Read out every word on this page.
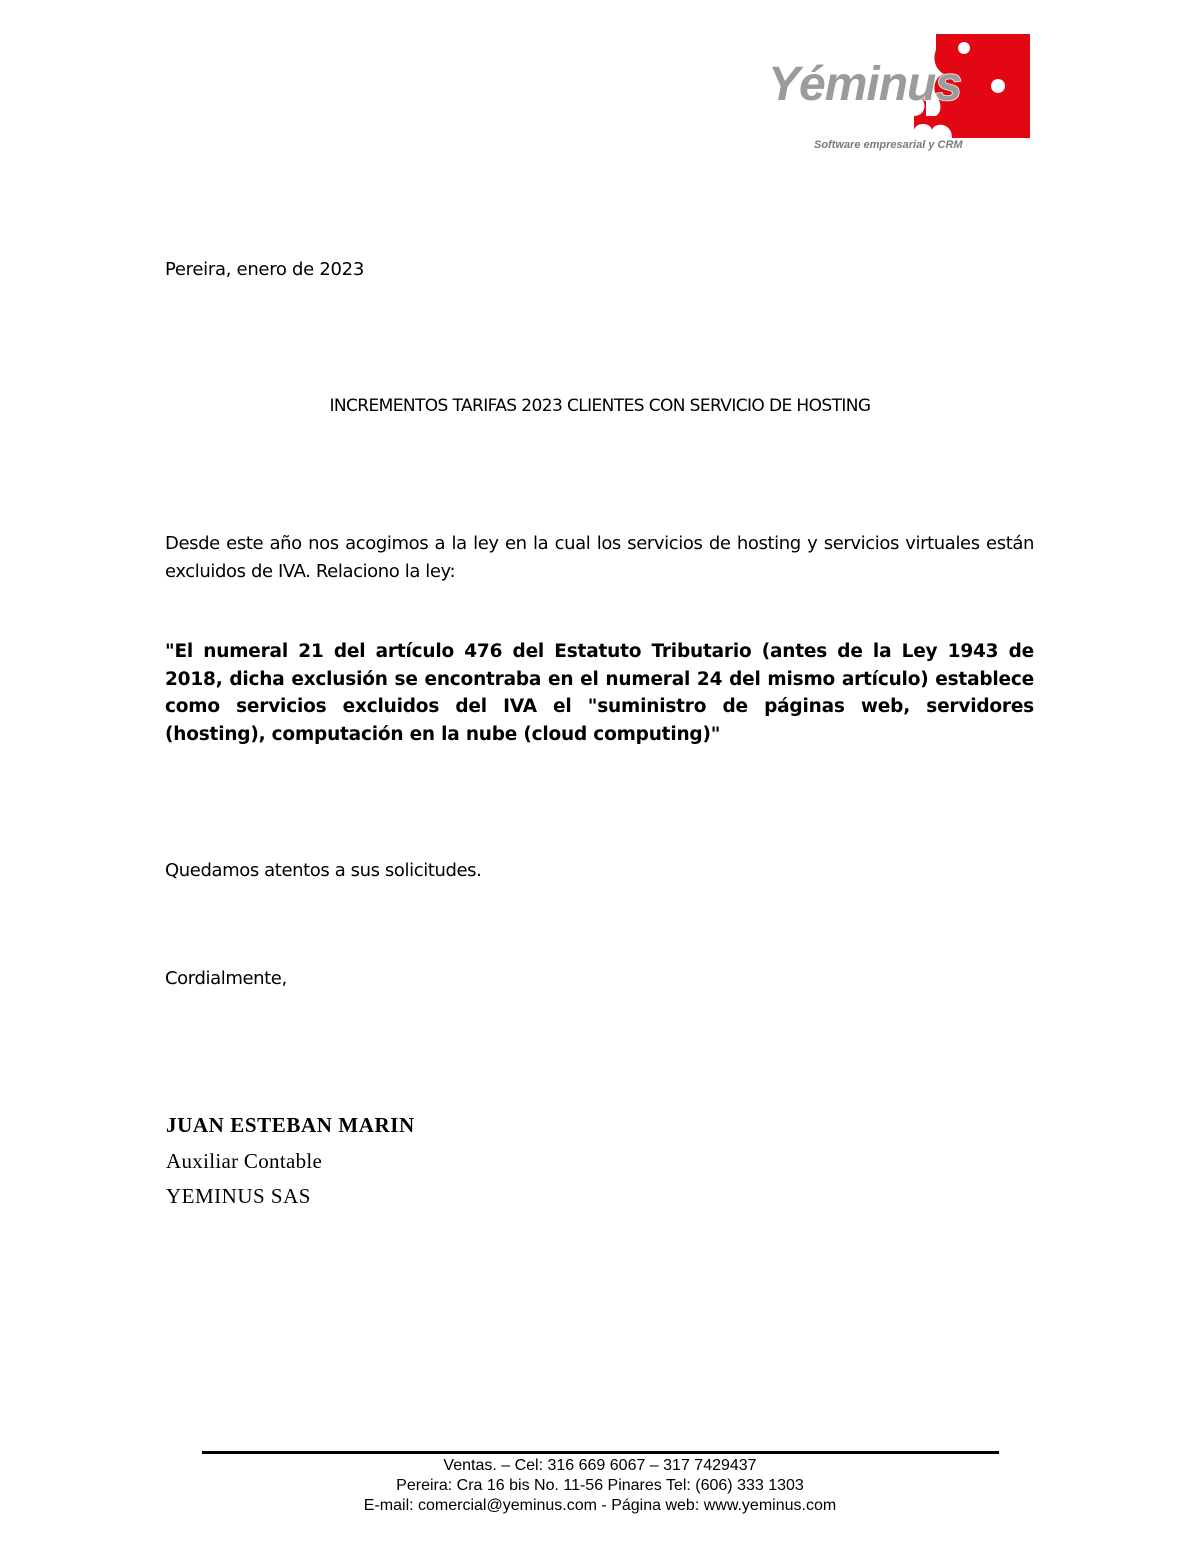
Yéminus
Software empresarial y CRM
Pereira, enero de 2023
INCREMENTOS TARIFAS 2023 CLIENTES CON SERVICIO DE HOSTING
Desde este año nos acogimos a la ley en la cual los servicios de hosting y servicios virtuales están excluidos de IVA. Relaciono la ley:
"El numeral 21 del artículo 476 del Estatuto Tributario (antes de la Ley 1943 de 2018, dicha exclusión se encontraba en el numeral 24 del mismo artículo) establece como servicios excluidos del IVA el "suministro de páginas web, servidores (hosting), computación en la nube (cloud computing)"
Quedamos atentos a sus solicitudes.
Cordialmente,
JUAN ESTEBAN MARIN
Auxiliar Contable
YEMINUS SAS
Ventas. – Cel: 316 669 6067 – 317 7429437
Pereira: Cra 16 bis No. 11-56 Pinares Tel: (606) 333 1303
E-mail: comercial@yeminus.com - Página web: www.yeminus.com
